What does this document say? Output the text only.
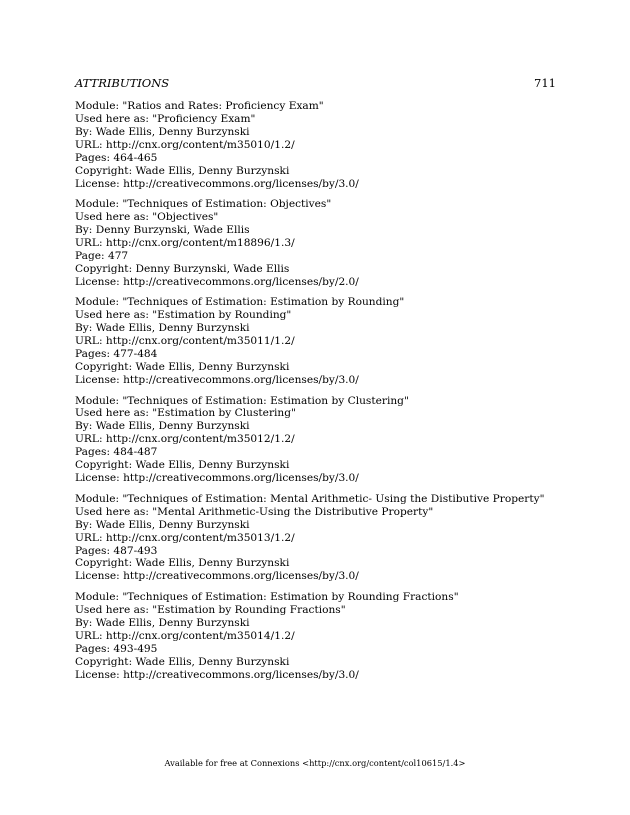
ATTRIBUTIONS	711
Module: "Ratios and Rates: Proficiency Exam"
Used here as: "Proficiency Exam"
By: Wade Ellis, Denny Burzynski
URL: http://cnx.org/content/m35010/1.2/
Pages: 464-465
Copyright: Wade Ellis, Denny Burzynski
License: http://creativecommons.org/licenses/by/3.0/
Module: "Techniques of Estimation: Objectives"
Used here as: "Objectives"
By: Denny Burzynski, Wade Ellis
URL: http://cnx.org/content/m18896/1.3/
Page: 477
Copyright: Denny Burzynski, Wade Ellis
License: http://creativecommons.org/licenses/by/2.0/
Module: "Techniques of Estimation: Estimation by Rounding"
Used here as: "Estimation by Rounding"
By: Wade Ellis, Denny Burzynski
URL: http://cnx.org/content/m35011/1.2/
Pages: 477-484
Copyright: Wade Ellis, Denny Burzynski
License: http://creativecommons.org/licenses/by/3.0/
Module: "Techniques of Estimation: Estimation by Clustering"
Used here as: "Estimation by Clustering"
By: Wade Ellis, Denny Burzynski
URL: http://cnx.org/content/m35012/1.2/
Pages: 484-487
Copyright: Wade Ellis, Denny Burzynski
License: http://creativecommons.org/licenses/by/3.0/
Module: "Techniques of Estimation: Mental Arithmetic- Using the Distibutive Property"
Used here as: "Mental Arithmetic-Using the Distributive Property"
By: Wade Ellis, Denny Burzynski
URL: http://cnx.org/content/m35013/1.2/
Pages: 487-493
Copyright: Wade Ellis, Denny Burzynski
License: http://creativecommons.org/licenses/by/3.0/
Module: "Techniques of Estimation: Estimation by Rounding Fractions"
Used here as: "Estimation by Rounding Fractions"
By: Wade Ellis, Denny Burzynski
URL: http://cnx.org/content/m35014/1.2/
Pages: 493-495
Copyright: Wade Ellis, Denny Burzynski
License: http://creativecommons.org/licenses/by/3.0/
Available for free at Connexions <http://cnx.org/content/col10615/1.4>
